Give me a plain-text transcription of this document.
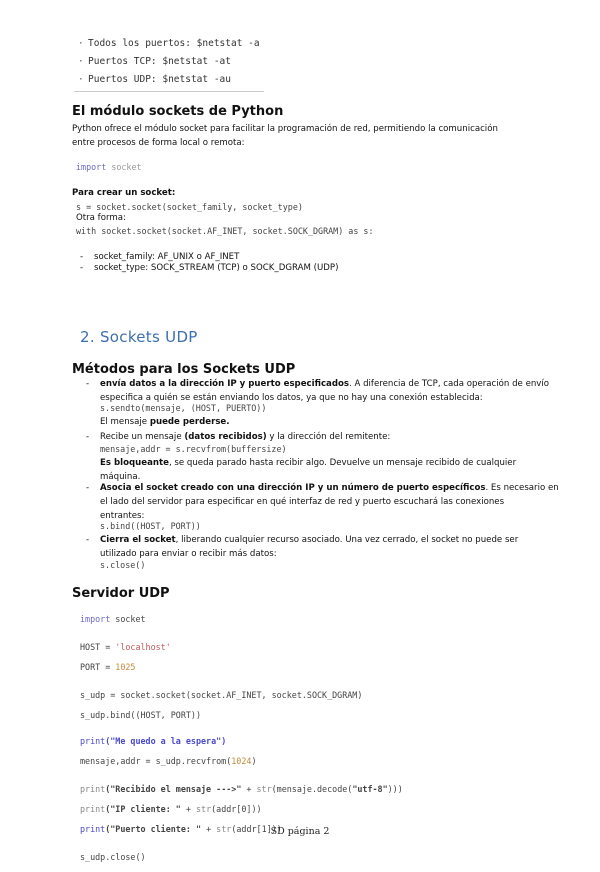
· Todos los puertos: $netstat -a
· Puertos TCP: $netstat -at
· Puertos UDP: $netstat -au
El módulo sockets de Python
Python ofrece el módulo socket para facilitar la programación de red, permitiendo la comunicación
entre procesos de forma local o remota:
import socket
Para crear un socket:
s = socket.socket(socket_family, socket_type)
Otra forma:
with socket.socket(socket.AF_INET, socket.SOCK_DGRAM) as s:
- socket_family: AF_UNIX o AF_INET
- socket_type: SOCK_STREAM (TCP) o SOCK_DGRAM (UDP)
2. Sockets UDP
Métodos para los Sockets UDP
- envía datos a la dirección IP y puerto especificados. A diferencia de TCP, cada operación de envío
especifica a quién se están enviando los datos, ya que no hay una conexión establecida:
s.sendto(mensaje, (HOST, PUERTO))
El mensaje puede perderse.
- Recibe un mensaje (datos recibidos) y la dirección del remitente:
mensaje,addr = s.recvfrom(buffersize)
Es bloqueante, se queda parado hasta recibir algo. Devuelve un mensaje recibido de cualquier
máquina.
- Asocia el socket creado con una dirección IP y un número de puerto específicos. Es necesario en
el lado del servidor para especificar en qué interfaz de red y puerto escuchará las conexiones
entrantes:
s.bind((HOST, PORT))
- Cierra el socket, liberando cualquier recurso asociado. Una vez cerrado, el socket no puede ser
utilizado para enviar o recibir más datos:
s.close()
Servidor UDP

import socket

HOST = 'localhost'

PORT = 1025

s_udp = socket.socket(socket.AF_INET, socket.SOCK_DGRAM)

s_udp.bind((HOST, PORT))

print("Me quedo a la espera")

mensaje,addr = s_udp.recvfrom(1024)

print("Recibido el mensaje --->" + str(mensaje.decode("utf-8")))

print("IP cliente: " + str(addr[0]))

print("Puerto cliente: " + str(addr[1]))

s_udp.close()

SD página 2
